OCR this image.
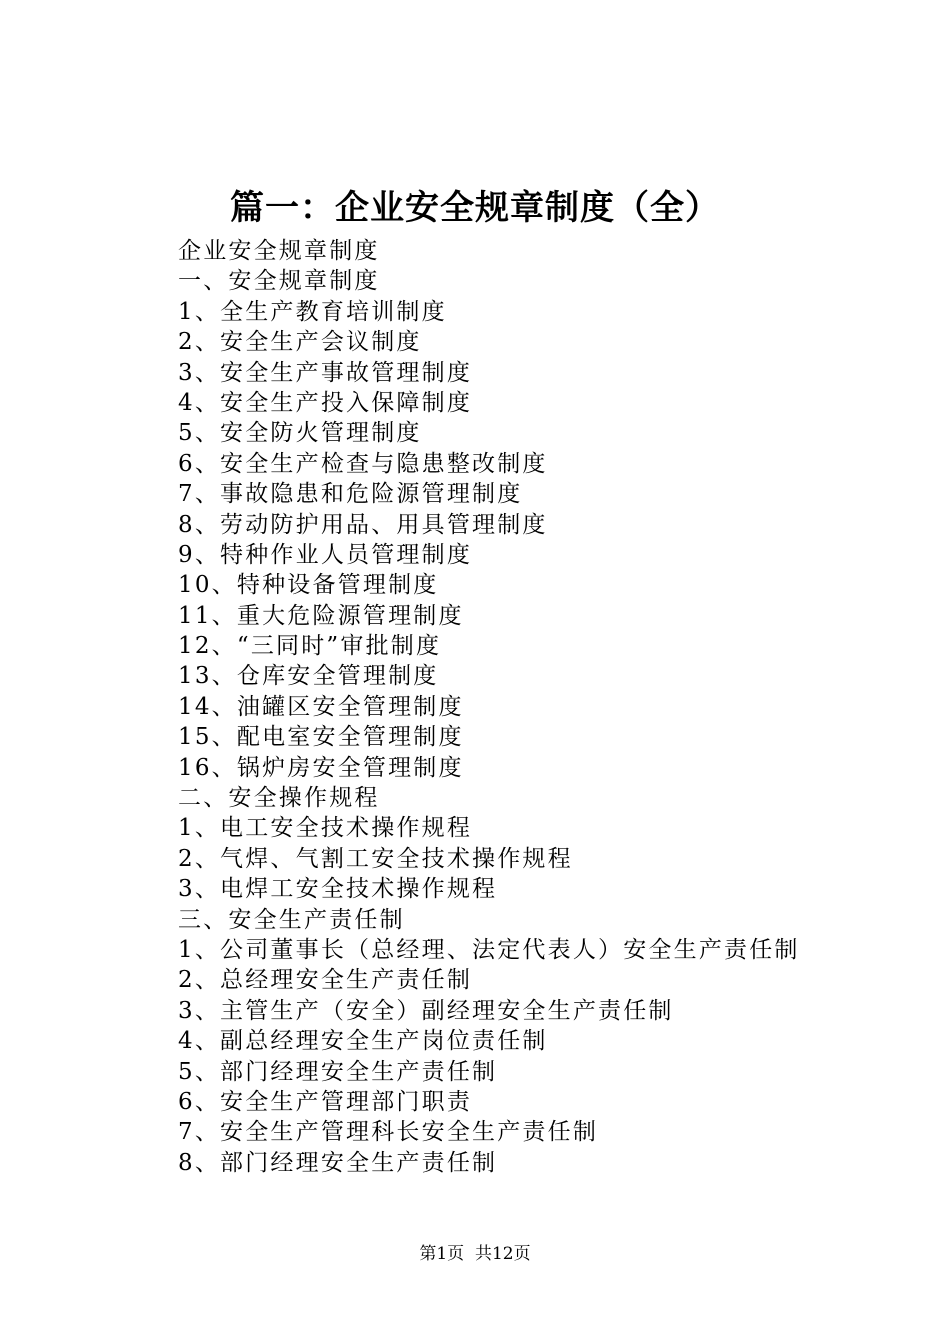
篇一：企业安全规章制度（全）
企业安全规章制度
一、安全规章制度
1、全生产教育培训制度
2、安全生产会议制度
3、安全生产事故管理制度
4、安全生产投入保障制度
5、安全防火管理制度
6、安全生产检查与隐患整改制度
7、事故隐患和危险源管理制度
8、劳动防护用品、用具管理制度
9、特种作业人员管理制度
10、特种设备管理制度
11、重大危险源管理制度
12、“三同时”审批制度
13、仓库安全管理制度
14、油罐区安全管理制度
15、配电室安全管理制度
16、锅炉房安全管理制度
二、安全操作规程
1、电工安全技术操作规程
2、气焊、气割工安全技术操作规程
3、电焊工安全技术操作规程
三、安全生产责任制
1、公司董事长（总经理、法定代表人）安全生产责任制
2、总经理安全生产责任制
3、主管生产（安全）副经理安全生产责任制
4、副总经理安全生产岗位责任制
5、部门经理安全生产责任制
6、安全生产管理部门职责
7、安全生产管理科长安全生产责任制
8、部门经理安全生产责任制
第1页  共12页
